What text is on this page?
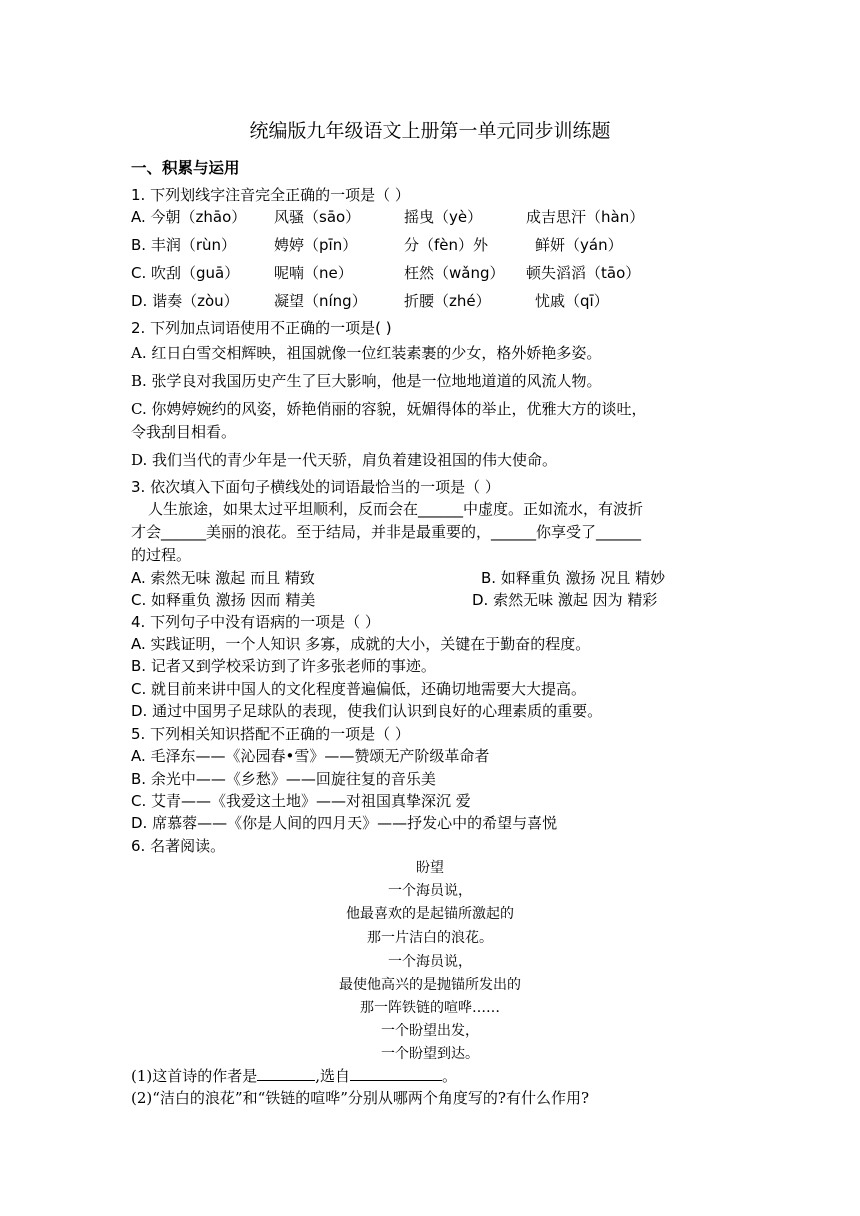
统编版九年级语文上册第一单元同步训练题
一、积累与运用
1. 下列划线字注音完全正确的一项是（ ）
A. 今朝（zhāo） 风骚（sāo）	摇曳（yè）	成吉思汗（hàn）
B. 丰润（rùn）	娉婷（pīn）	分（fèn）外	鲜妍（yán）
C. 吹刮（guā） 呢喃（ne）	枉然（wǎng） 顿失滔滔（tāo）
D. 谐奏（zòu） 凝望（níng） 折腰（zhé）	忧戚（qī）
2. 下列加点词语使用不正确的一项是( )
A. 红日白雪交相辉映，祖国就像一位红装素裹的少女，格外娇艳多姿。
B. 张学良对我国历史产生了巨大影响，他是一位地地道道的风流人物。
C. 你娉婷婉约的风姿，娇艳俏丽的容貌，妩媚得体的举止，优雅大方的谈吐，
令我刮目相看。
D. 我们当代的青少年是一代天骄，肩负着建设祖国的伟大使命。
3. 依次填入下面句子横线处的词语最恰当的一项是（ ）
人生旅途，如果太过平坦顺利，反而会在______中虚度。正如流水，有波折
才会______美丽的浪花。至于结局，并非是最重要的，______你享受了______
的过程。
A. 索然无味 激起 而且 精致	B. 如释重负 激扬 况且 精妙
C. 如释重负 激扬 因而 精美	D. 索然无味 激起 因为 精彩
4. 下列句子中没有语病的一项是（ ）
A. 实践证明，一个人知识 多寡，成就的大小，关键在于勤奋的程度。
B. 记者又到学校采访到了许多张老师的事迹。
C. 就目前来讲中国人的文化程度普遍偏低，还确切地需要大大提高。
D. 通过中国男子足球队的表现，使我们认识到良好的心理素质的重要。
5. 下列相关知识搭配不正确的一项是（ ）
A. 毛泽东——《沁园春•雪》——赞颂无产阶级革命者
B. 余光中——《乡愁》——回旋往复的音乐美
C. 艾青——《我爱这土地》——对祖国真挚深沉 爱
D. 席慕蓉——《你是人间的四月天》——抒发心中的希望与喜悦
6. 名著阅读。
盼望
一个海员说，
他最喜欢的是起锚所激起的
那一片洁白的浪花。
一个海员说，
最使他高兴的是抛锚所发出的
那一阵铁链的喧哗……
一个盼望出发，
一个盼望到达。
(1)这首诗的作者是	,选自	。
(2)“洁白的浪花”和“铁链的喧哗”分别从哪两个角度写的?有什么作用?
